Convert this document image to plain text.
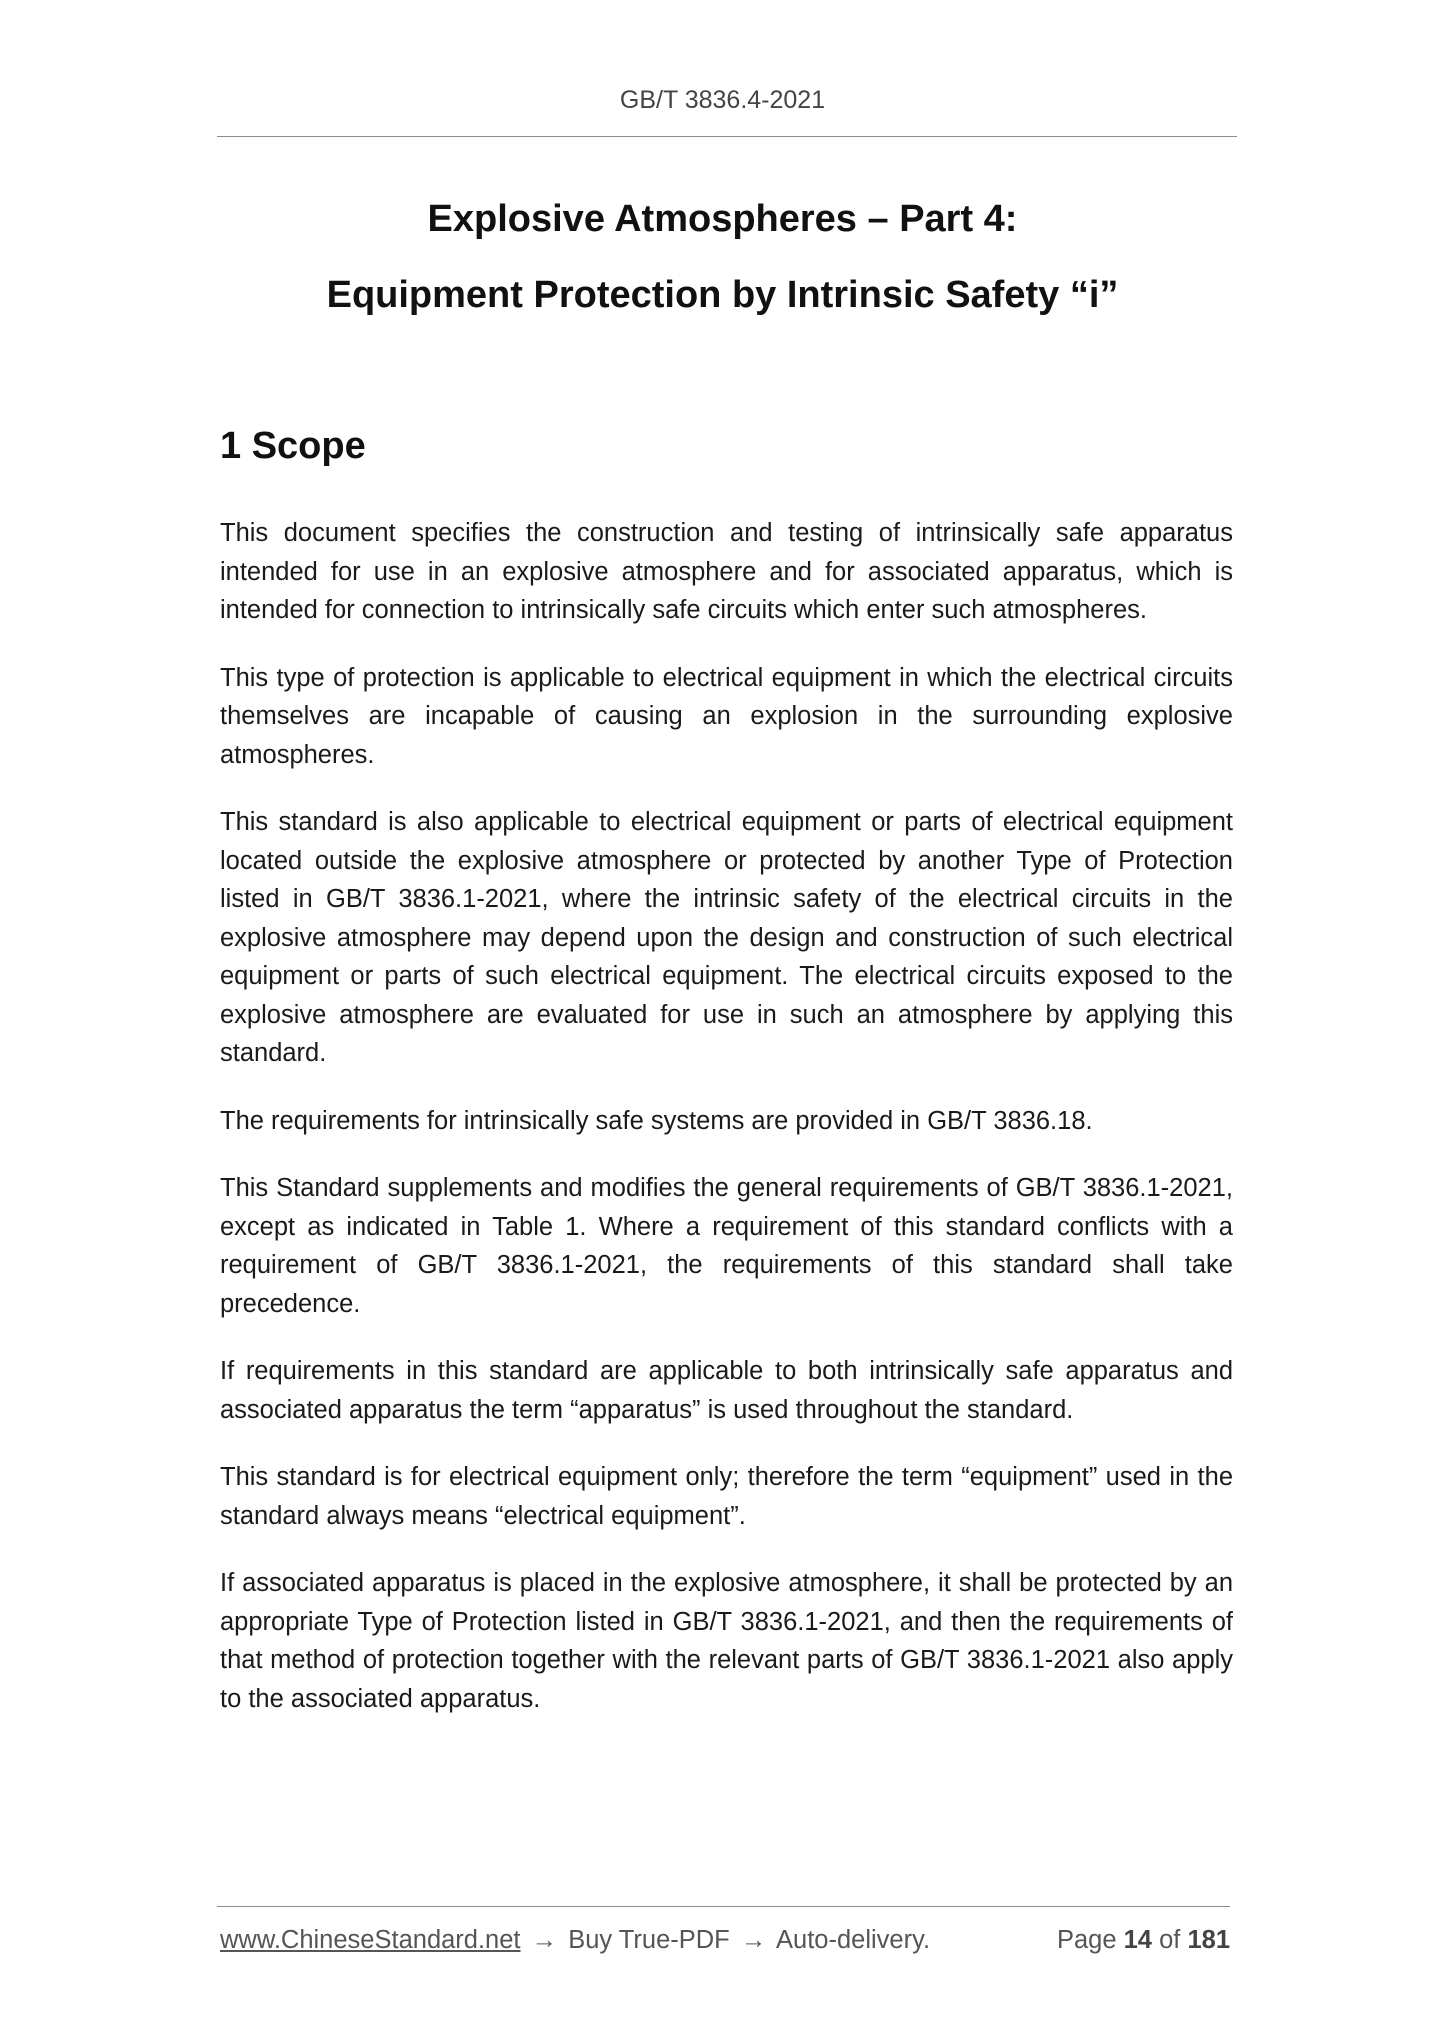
GB/T 3836.4-2021
Explosive Atmospheres – Part 4:
Equipment Protection by Intrinsic Safety “i”
1 Scope

This document specifies the construction and testing of intrinsically safe apparatus intended for use in an explosive atmosphere and for associated apparatus, which is intended for connection to intrinsically safe circuits which enter such atmospheres.

This type of protection is applicable to electrical equipment in which the electrical circuits themselves are incapable of causing an explosion in the surrounding explosive atmospheres.

This standard is also applicable to electrical equipment or parts of electrical equipment located outside the explosive atmosphere or protected by another Type of Protection listed in GB/T 3836.1-2021, where the intrinsic safety of the electrical circuits in the explosive atmosphere may depend upon the design and construction of such electrical equipment or parts of such electrical equipment. The electrical circuits exposed to the explosive atmosphere are evaluated for use in such an atmosphere by applying this standard.

The requirements for intrinsically safe systems are provided in GB/T 3836.18.

This Standard supplements and modifies the general requirements of GB/T 3836.1-2021, except as indicated in Table 1. Where a requirement of this standard conflicts with a requirement of GB/T 3836.1-2021, the requirements of this standard shall take precedence.

If requirements in this standard are applicable to both intrinsically safe apparatus and associated apparatus the term “apparatus” is used throughout the standard.

This standard is for electrical equipment only; therefore the term “equipment” used in the standard always means “electrical equipment”.

If associated apparatus is placed in the explosive atmosphere, it shall be protected by an appropriate Type of Protection listed in GB/T 3836.1-2021, and then the requirements of that method of protection together with the relevant parts of GB/T 3836.1-2021 also apply to the associated apparatus.

www.ChineseStandard.net → Buy True-PDF → Auto-delivery.	Page 14 of 181
